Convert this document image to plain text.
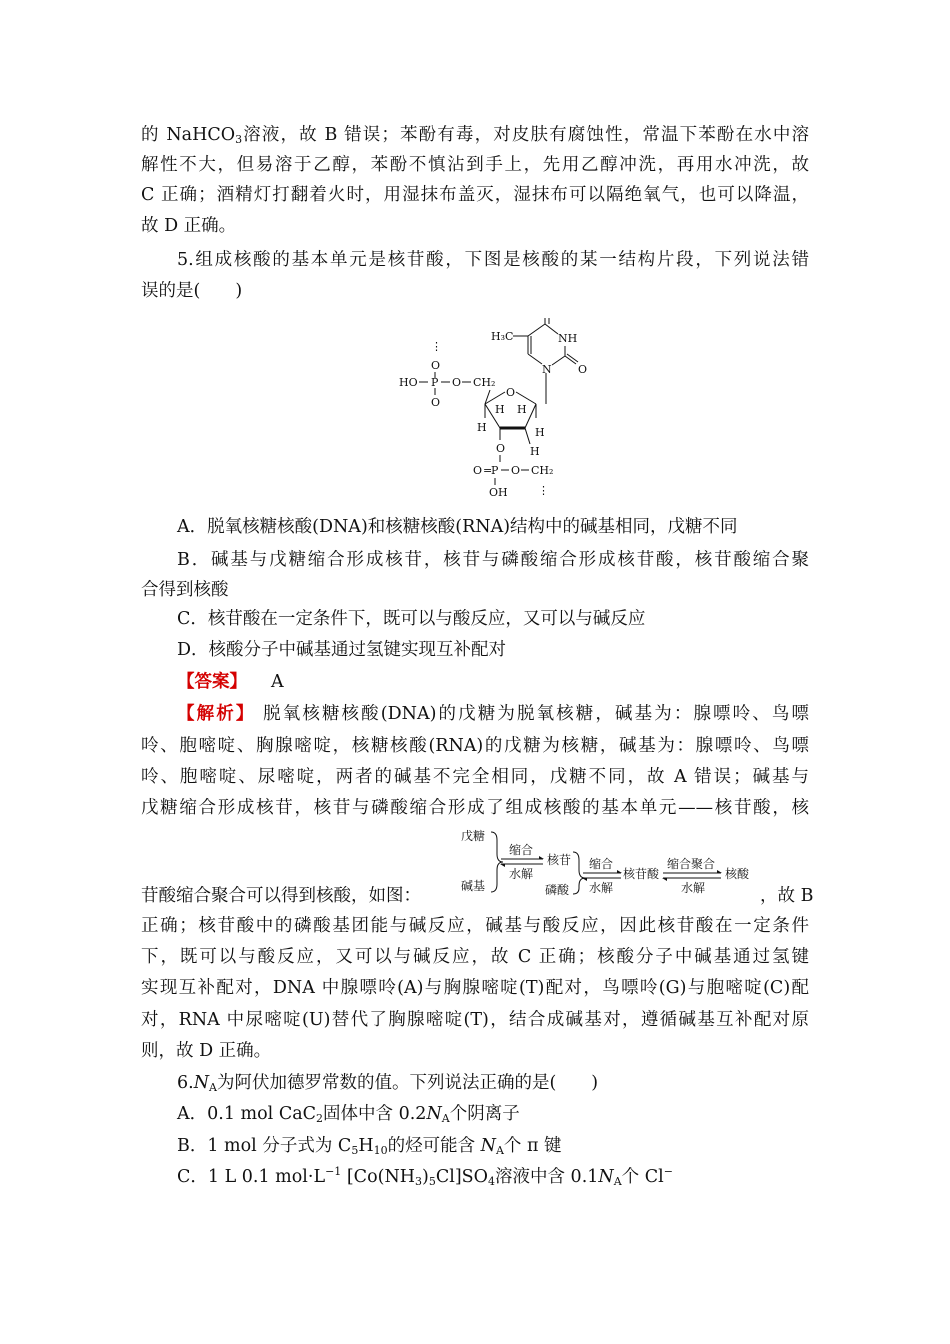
的 NaHCO$_3$溶液，故 B 错误；苯酚有毒，对皮肤有腐蚀性，常温下苯酚在水中溶
解性不大，但易溶于乙醇，苯酚不慎沾到手上，先用乙醇冲洗，再用水冲洗，故
C 正确；酒精灯打翻着火时，用湿抹布盖灭，湿抹布可以隔绝氧气，也可以降温，
故 D 正确。
5.组成核酸的基本单元是核苷酸，下图是核酸的某一结构片段，下列说法错
误的是(　　)
⋮
O
HO P O CH₂
O
O
H H
H	H
H
O
O =
P O CH₂
OH	⋮
N
NH
O
H₃C
A．脱氧核糖核酸(DNA)和核糖核酸(RNA)结构中的碱基相同，戊糖不同
B．碱基与戊糖缩合形成核苷，核苷与磷酸缩合形成核苷酸，核苷酸缩合聚
合得到核酸
C．核苷酸在一定条件下，既可以与酸反应，又可以与碱反应
D．核酸分子中碱基通过氢键实现互补配对
【答案】 A
【解析】 脱氧核糖核酸(DNA)的戊糖为脱氧核糖，碱基为：腺嘌呤、鸟嘌
呤、胞嘧啶、胸腺嘧啶，核糖核酸(RNA)的戊糖为核糖，碱基为：腺嘌呤、鸟嘌
呤、胞嘧啶、尿嘧啶，两者的碱基不完全相同，戊糖不同，故 A 错误；碱基与
戊糖缩合形成核苷，核苷与磷酸缩合形成了组成核酸的基本单元——核苷酸，核
戊糖
碱基
缩合
水解
核苷
磷酸
缩合
水解
核苷酸
缩合聚合
水解
核酸
苷酸缩合聚合可以得到核酸，如图：	，故 B
正确；核苷酸中的磷酸基团能与碱反应，碱基与酸反应，因此核苷酸在一定条件
下，既可以与酸反应，又可以与碱反应，故 C 正确；核酸分子中碱基通过氢键
实现互补配对，DNA 中腺嘌呤(A)与胸腺嘧啶(T)配对，鸟嘌呤(G)与胞嘧啶(C)配
对，RNA 中尿嘧啶(U)替代了胸腺嘧啶(T)，结合成碱基对，遵循碱基互补配对原
则，故 D 正确。
$6.N_A$为阿伏加德罗常数的值。下列说法正确的是(　　)
A．0.1 mol CaC$_2$固体中含 $0.2N_A$个阴离子
B．1 mol 分子式为 $C_5H_{10}$的烃可能含 $N_A$个 π 键
C．1 L 0.1 $mol\cdot L^{-1}$ $[Co(NH_3)_5Cl]SO_4$溶液中含 $0.1N_A$个 Cl−
